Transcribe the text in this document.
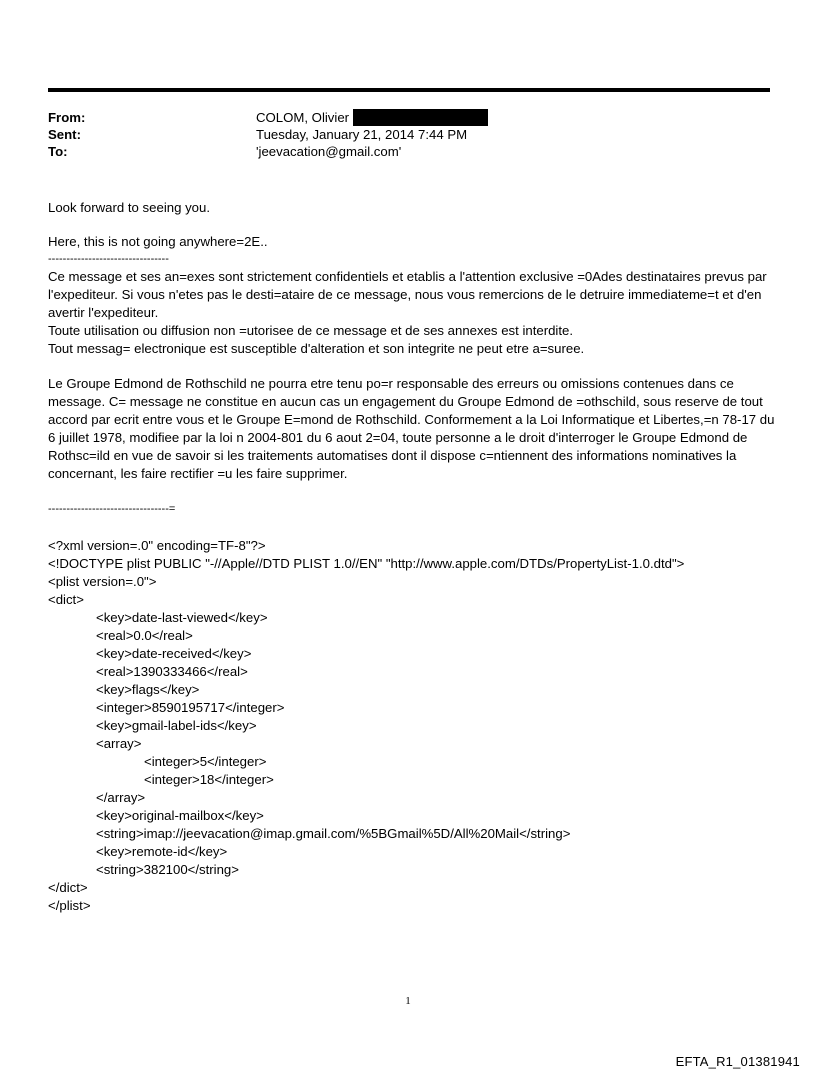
From:	COLOM, Olivier
Sent:	Tuesday, January 21, 2014 7:44 PM
To:	'jeevacation@gmail.com'
Look forward to seeing you.
Here, this is not going anywhere=2E..
---------------------------------

Ce message et ses an=exes sont strictement confidentiels et etablis a l'attention exclusive =0Ades destinataires prevus par l'expediteur. Si vous n'etes pas le desti=ataire de ce message, nous vous remercions de le detruire immediateme=t et d'en avertir l'expediteur.

Toute utilisation ou diffusion non =utorisee de ce message et de ses annexes est interdite.

Tout messag= electronique est susceptible d'alteration et son integrite ne peut etre a=suree.

Le Groupe Edmond de Rothschild ne pourra etre tenu po=r responsable des erreurs ou omissions contenues dans ce message. C= message ne constitue en aucun cas un engagement du Groupe Edmond de =othschild, sous reserve de tout accord par ecrit entre vous et le Groupe E=mond de Rothschild. Conformement a la Loi Informatique et Libertes,=n 78-17 du 6 juillet 1978, modifiee par la loi n 2004-801 du 6 aout 2=04, toute personne a le droit d'interroger le Groupe Edmond de Rothsc=ild en vue de savoir si les traitements automatises dont il dispose c=ntiennent des informations nominatives la concernant, les faire rectifier =u les faire supprimer.
---------------------------------=
<?xml version=.0" encoding=TF-8"?>
<!DOCTYPE plist PUBLIC "-//Apple//DTD PLIST 1.0//EN" "http://www.apple.com/DTDs/PropertyList-1.0.dtd">
<plist version=.0">
<dict>
<key>date-last-viewed</key>
<real>0.0</real>
<key>date-received</key>
<real>1390333466</real>
<key>flags</key>
<integer>8590195717</integer>
<key>gmail-label-ids</key>
<array>
<integer>5</integer>
<integer>18</integer>
</array>
<key>original-mailbox</key>
<string>imap://jeevacation@imap.gmail.com/%5BGmail%5D/All%20Mail</string>
<key>remote-id</key>
<string>382100</string>
</dict>
</plist>
1
EFTA_R1_01381941
